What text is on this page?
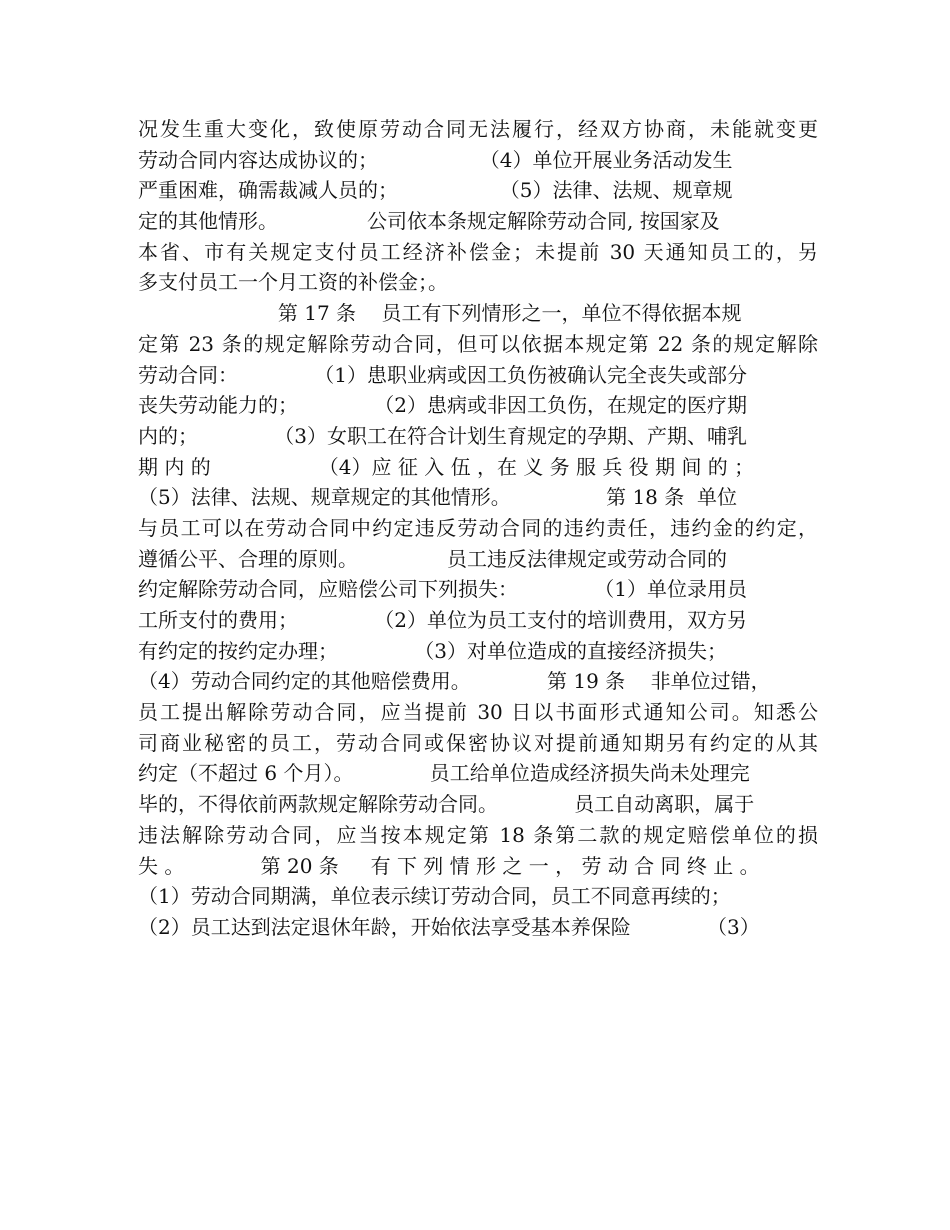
况发生重大变化，致使原劳动合同无法履行，经双方协商，未能就变更
劳动合同内容达成协议的；                （4）单位开展业务活动发生
严重困难，确需裁减人员的；                （5）法律、法规、规章规
定的其他情形。              公司依本条规定解除劳动合同, 按国家及
本省、市有关规定支付员工经济补偿金；未提前 30 天通知员工的，另
多支付员工一个月工资的补偿金；。
第 17 条    员工有下列情形之一，单位不得依据本规
定第 23 条的规定解除劳动合同，但可以依据本规定第 22 条的规定解除
劳动合同：            （1）患职业病或因工负伤被确认完全丧失或部分
丧失劳动能力的；            （2）患病或非因工负伤，在规定的医疗期
内的；            （3）女职工在符合计划生育规定的孕期、产期、哺乳
期 内 的                 （4）应 征 入 伍 ，在 义 务 服 兵 役 期 间 的 ；
（5）法律、法规、规章规定的其他情形。               第 18 条  单位
与员工可以在劳动合同中约定违反劳动合同的违约责任，违约金的约定，
遵循公平、合理的原则。              员工违反法律规定或劳动合同的
约定解除劳动合同，应赔偿公司下列损失：            （1）单位录用员
工所支付的费用；            （2）单位为员工支付的培训费用，双方另
有约定的按约定办理；            （3）对单位造成的直接经济损失；
（4）劳动合同约定的其他赔偿费用。            第 19 条    非单位过错，
员工提出解除劳动合同，应当提前 30 日以书面形式通知公司。知悉公
司商业秘密的员工，劳动合同或保密协议对提前通知期另有约定的从其
约定（不超过 6 个月）。            员工给单位造成经济损失尚未处理完
毕的，不得依前两款规定解除劳动合同。            员工自动离职，属于
违法解除劳动合同，应当按本规定第 18 条第二款的规定赔偿单位的损
失 。            第 20 条     有 下 列 情 形 之 一 ， 劳 动 合 同 终 止 。
（1）劳动合同期满，单位表示续订劳动合同，员工不同意再续的；
（2）员工达到法定退休年龄，开始依法享受基本养保险            （3）
